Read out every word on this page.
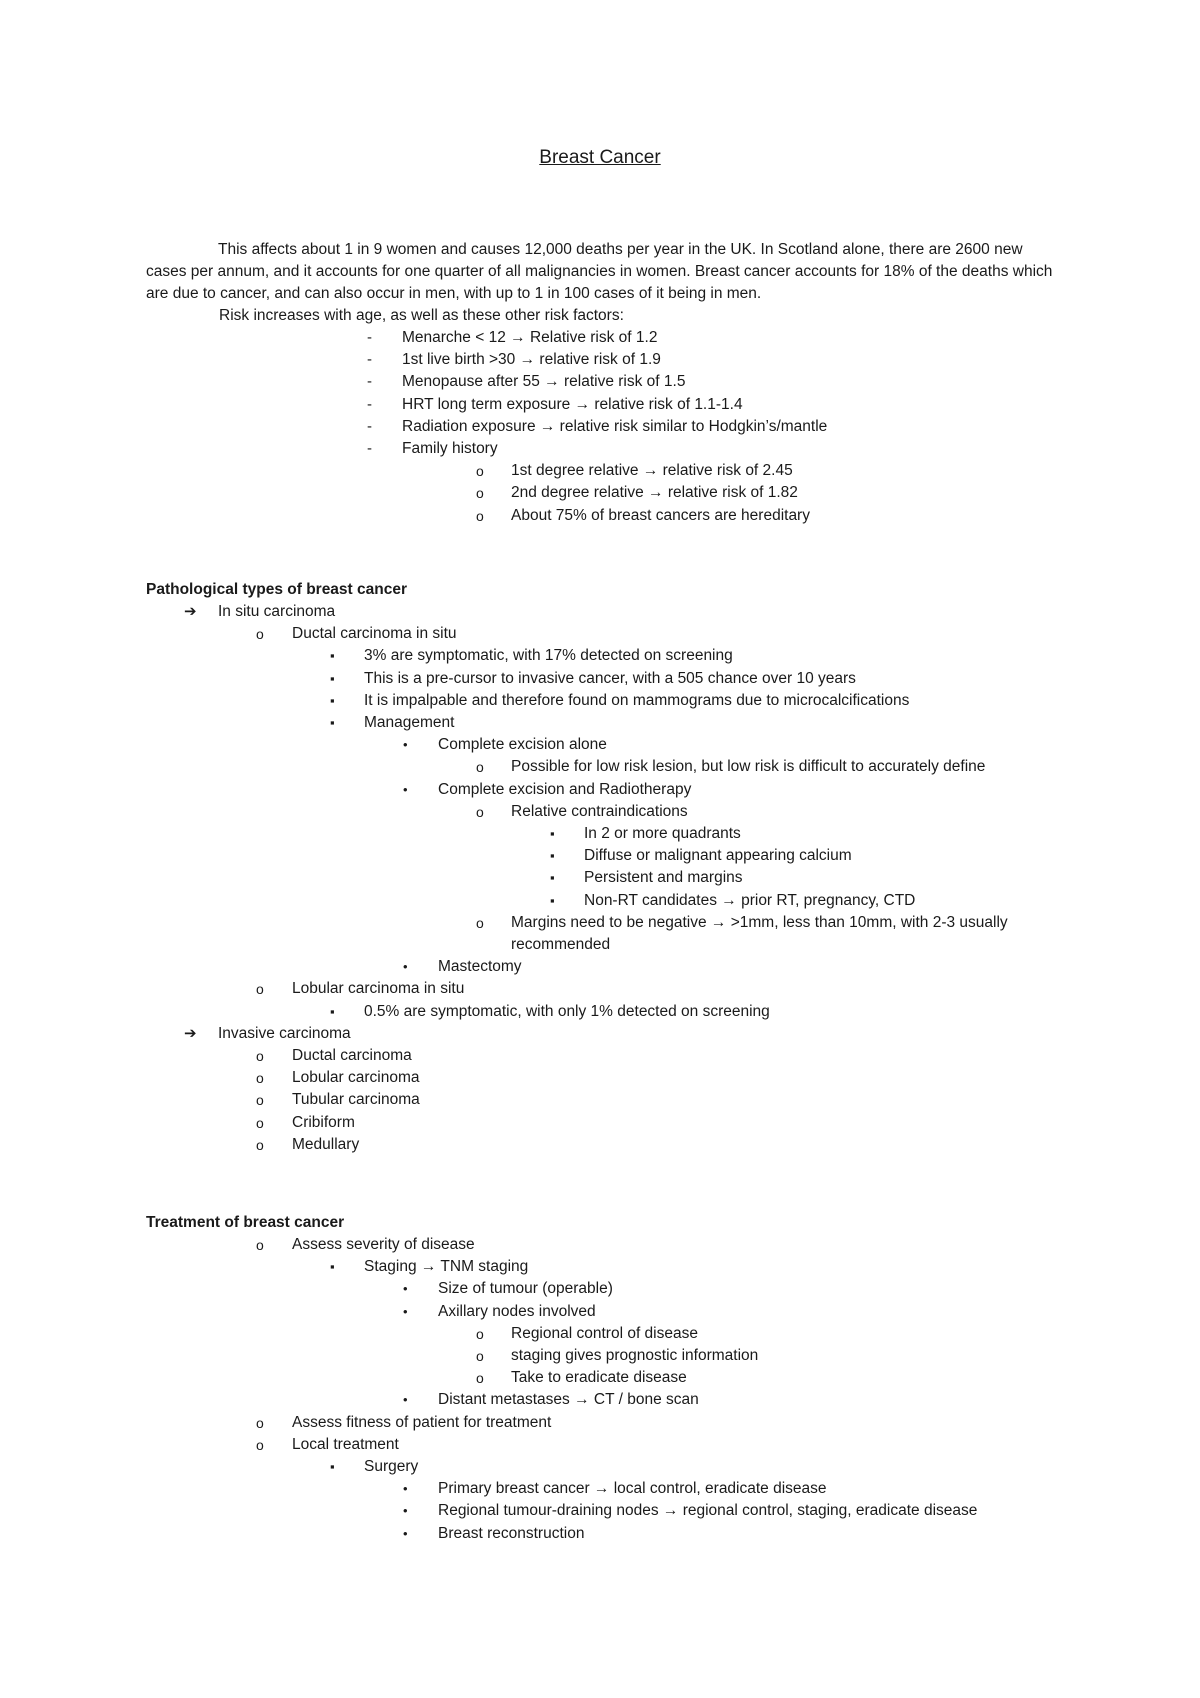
Breast Cancer

This affects about 1 in 9 women and causes 12,000 deaths per year in the UK. In Scotland alone, there are 2600 new cases per annum, and it accounts for one quarter of all malignancies in women. Breast cancer accounts for 18% of the deaths which are due to cancer, and can also occur in men, with up to 1 in 100 cases of it being in men.

Risk increases with age, as well as these other risk factors:
- Menarche < 12 → Relative risk of 1.2
- 1st live birth >30 → relative risk of 1.9
- Menopause after 55 → relative risk of 1.5
- HRT long term exposure → relative risk of 1.1-1.4
- Radiation exposure → relative risk similar to Hodgkin’s/mantle
- Family history
o 1st degree relative → relative risk of 2.45
o 2nd degree relative → relative risk of 1.82
o About 75% of breast cancers are hereditary
Pathological types of breast cancer
➔ In situ carcinoma
o Ductal carcinoma in situ
▪ 3% are symptomatic, with 17% detected on screening
▪ This is a pre-cursor to invasive cancer, with a 505 chance over 10 years
▪ It is impalpable and therefore found on mammograms due to microcalcifications
▪ Management
• Complete excision alone
o Possible for low risk lesion, but low risk is difficult to accurately define
• Complete excision and Radiotherapy
o Relative contraindications
▪ In 2 or more quadrants
▪ Diffuse or malignant appearing calcium
▪ Persistent and margins
▪ Non-RT candidates → prior RT, pregnancy, CTD
o Margins need to be negative → >1mm, less than 10mm, with 2-3 usually recommended
• Mastectomy
o Lobular carcinoma in situ
▪ 0.5% are symptomatic, with only 1% detected on screening
➔ Invasive carcinoma
o Ductal carcinoma
o Lobular carcinoma
o Tubular carcinoma
o Cribiform
o Medullary
Treatment of breast cancer
o Assess severity of disease
▪ Staging → TNM staging
• Size of tumour (operable)
• Axillary nodes involved
o Regional control of disease
o staging gives prognostic information
o Take to eradicate disease
• Distant metastases → CT / bone scan
o Assess fitness of patient for treatment
o Local treatment
▪ Surgery
• Primary breast cancer → local control, eradicate disease
• Regional tumour-draining nodes → regional control, staging, eradicate disease
• Breast reconstruction
